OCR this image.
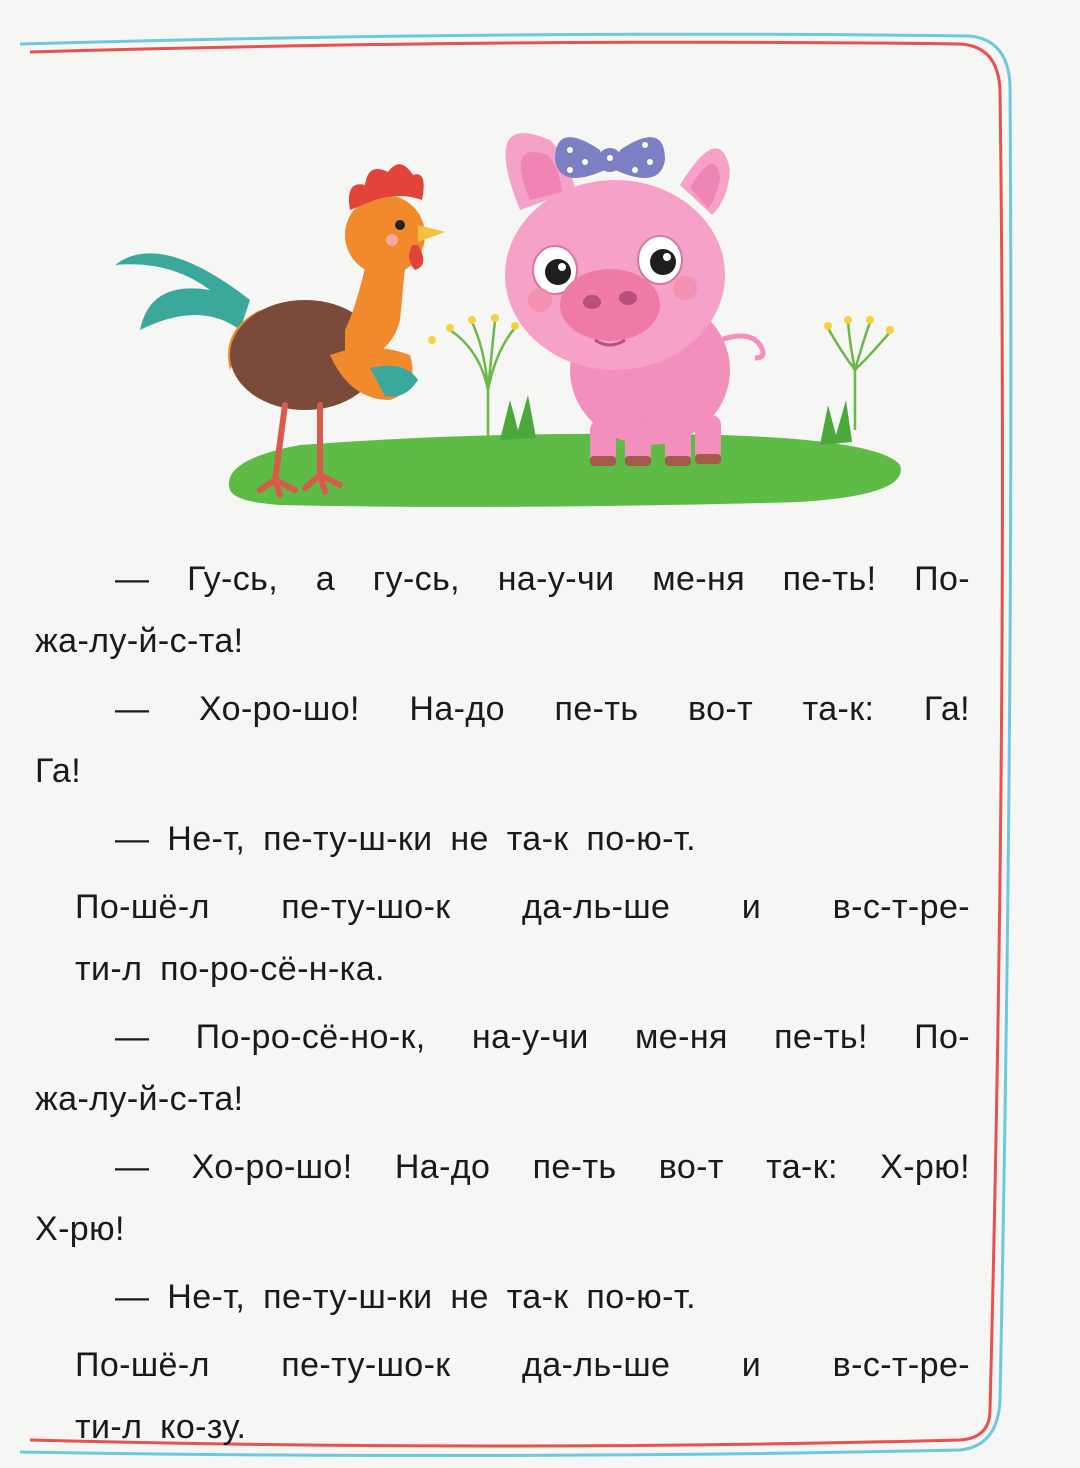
— Гу-сь, а гу-сь, на-у-чи ме-ня пе-ть! По-
жа-лу-й-с-та!

— Хо-ро-шо! На-до пе-ть во-т та-к: Га!
Га!

— Не-т, пе-ту-ш-ки не та-к по-ю-т.

По-шё-л пе-ту-шо-к да-ль-ше и в-с-т-ре-
ти-л по-ро-сё-н-ка.

— По-ро-сё-но-к, на-у-чи ме-ня пе-ть! По-
жа-лу-й-с-та!

— Хо-ро-шо! На-до пе-ть во-т та-к: Х-рю!
Х-рю!

— Не-т, пе-ту-ш-ки не та-к по-ю-т.

По-шё-л пе-ту-шо-к да-ль-ше и в-с-т-ре-
ти-л ко-зу.
